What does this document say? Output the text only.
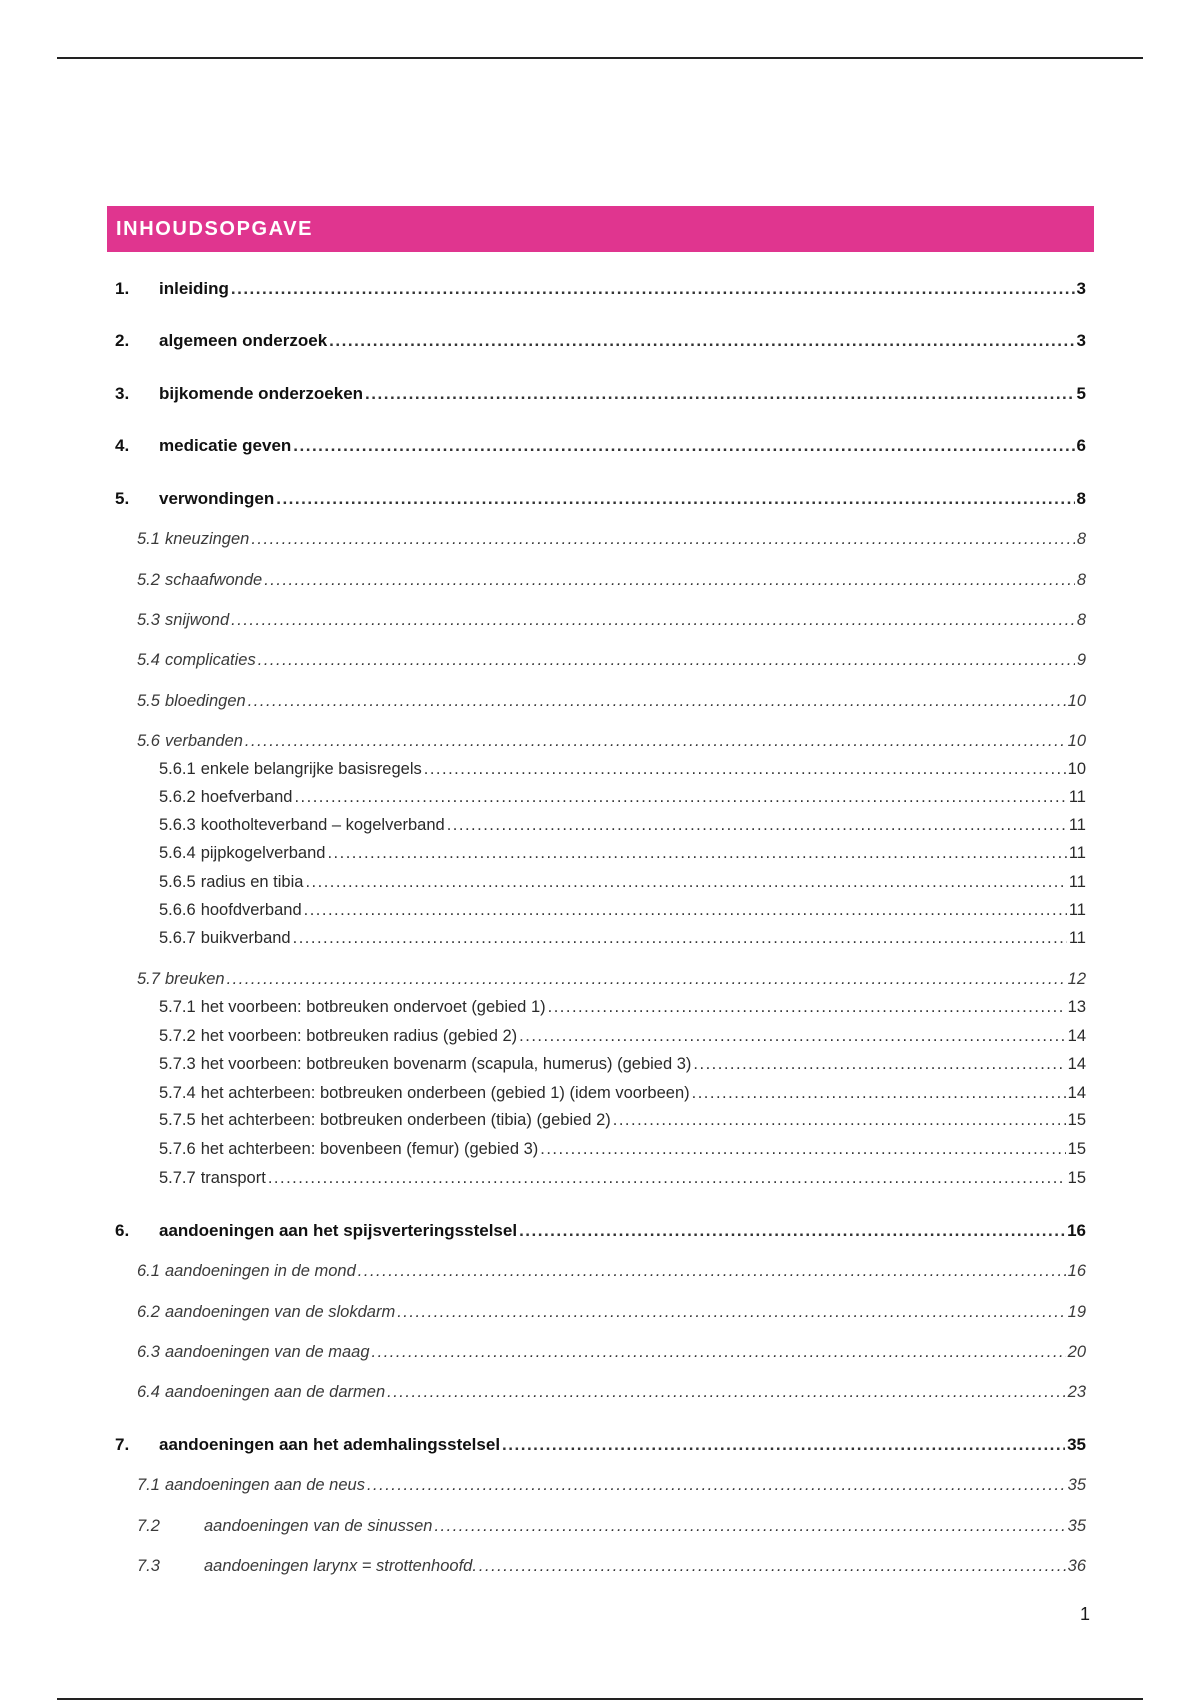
INHOUDSOPGAVE
1.	inleiding .....	3
2.	algemeen onderzoek .....	3
3.	bijkomende onderzoeken .....	5
4.	medicatie geven .....	6
5.	verwondingen .....	8
5.1 kneuzingen .....	8
5.2 schaafwonde .....	8
5.3 snijwond .....	8
5.4 complicaties .....	9
5.5 bloedingen .....	10
5.6 verbanden .....	10
5.6.1 enkele belangrijke basisregels .....	10
5.6.2 hoefverband .....	11
5.6.3 kootholteverband – kogelverband .....	11
5.6.4 pijpkogelverband .....	11
5.6.5 radius en tibia .....	11
5.6.6 hoofdverband .....	11
5.6.7 buikverband .....	11
5.7 breuken .....	12
5.7.1 het voorbeen: botbreuken ondervoet (gebied 1) .....	13
5.7.2 het voorbeen: botbreuken radius (gebied 2) .....	14
5.7.3 het voorbeen: botbreuken bovenarm (scapula, humerus) (gebied 3) .....	14
5.7.4 het achterbeen: botbreuken onderbeen (gebied 1) (idem voorbeen) .....	14
5.7.5 het achterbeen: botbreuken onderbeen (tibia) (gebied 2) .....	15
5.7.6 het achterbeen: bovenbeen (femur) (gebied 3) .....	15
5.7.7 transport .....	15
6.	aandoeningen aan het spijsverteringsstelsel .....	16
6.1 aandoeningen in de mond .....	16
6.2 aandoeningen van de slokdarm .....	19
6.3 aandoeningen van de maag .....	20
6.4 aandoeningen aan de darmen .....	23
7.	aandoeningen aan het ademhalingsstelsel .....	35
7.1 aandoeningen aan de neus .....	35
7.2	aandoeningen van de sinussen .....	35
7.3	aandoeningen larynx = strottenhoofd. .....	36
1
